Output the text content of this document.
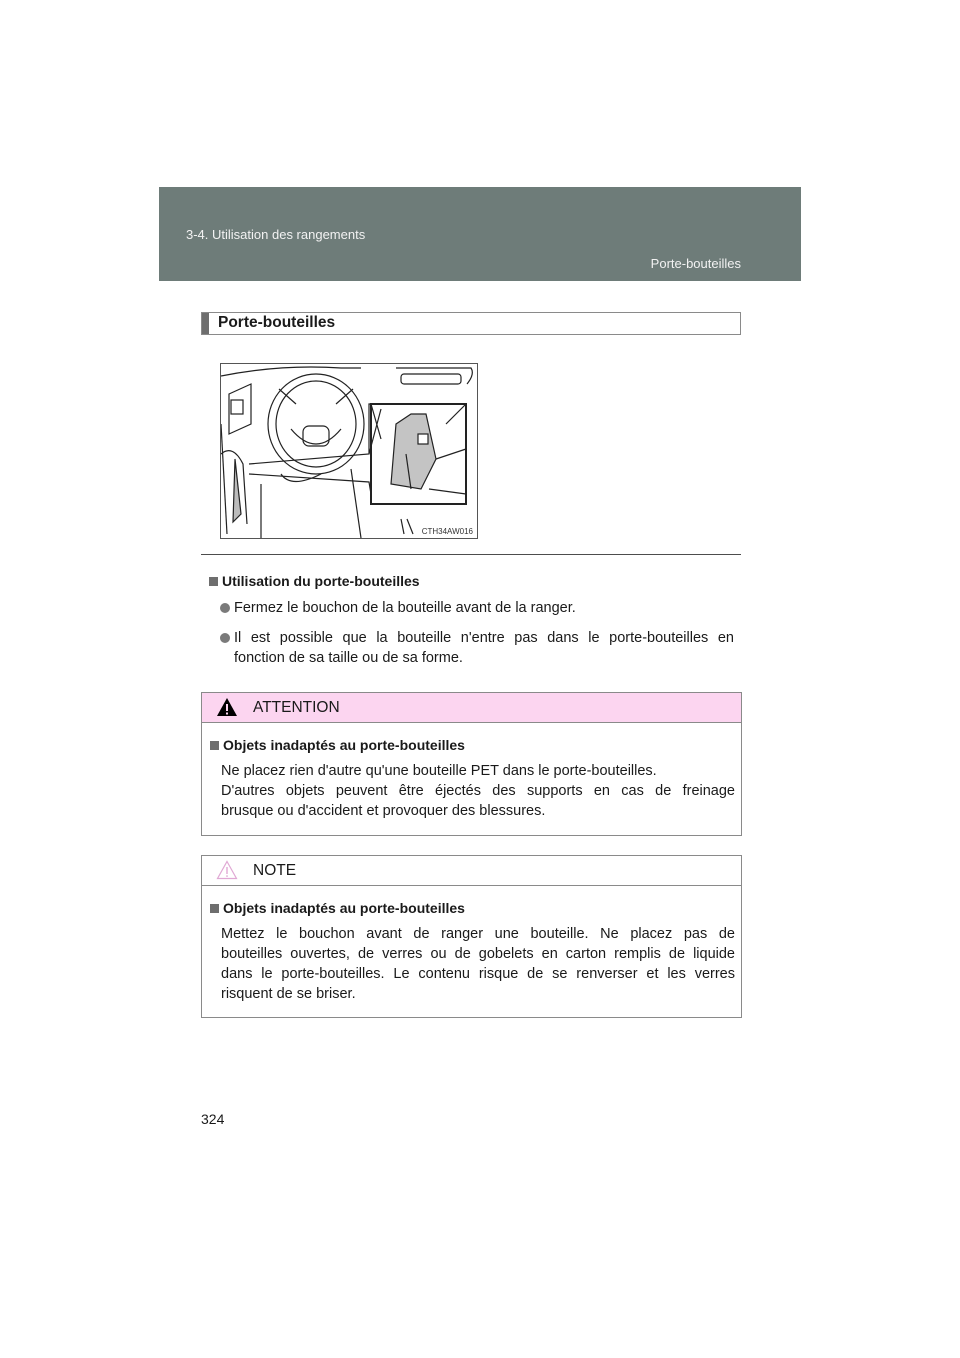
3-4. Utilisation des rangements
Porte-bouteilles
Porte-bouteilles
CTH34AW016
Utilisation du porte-bouteilles
Fermez le bouchon de la bouteille avant de la ranger.
Il est possible que la bouteille n'entre pas dans le porte-bouteilles en
fonction de sa taille ou de sa forme.
ATTENTION
Objets inadaptés au porte-bouteilles
Ne placez rien d'autre qu'une bouteille PET dans le porte-bouteilles.
D'autres objets peuvent être éjectés des supports en cas de freinage
brusque ou d'accident et provoquer des blessures.
NOTE
Objets inadaptés au porte-bouteilles
Mettez le bouchon avant de ranger une bouteille. Ne placez pas de
bouteilles ouvertes, de verres ou de gobelets en carton remplis de liquide
dans le porte-bouteilles. Le contenu risque de se renverser et les verres
risquent de se briser.
324
